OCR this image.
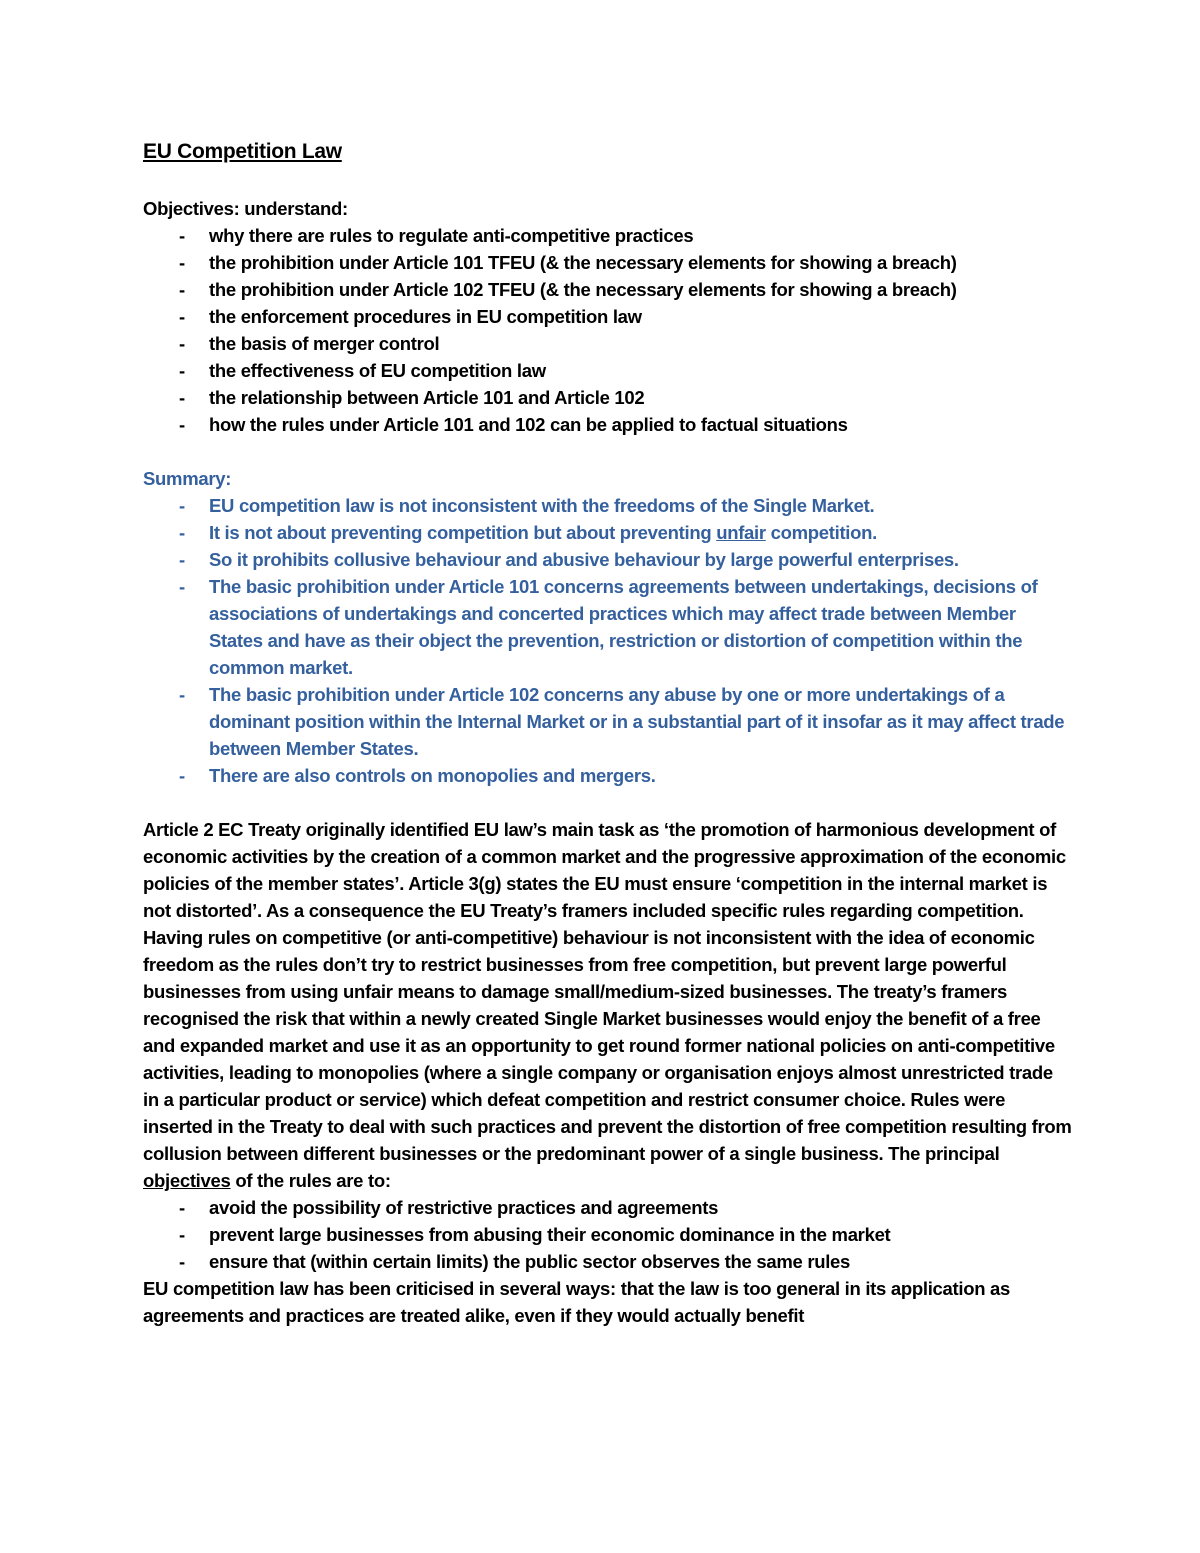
EU Competition Law

Objectives: understand:

- why there are rules to regulate anti-competitive practices
- the prohibition under Article 101 TFEU (& the necessary elements for showing a breach)
- the prohibition under Article 102 TFEU (& the necessary elements for showing a breach)
- the enforcement procedures in EU competition law
- the basis of merger control
- the effectiveness of EU competition law
- the relationship between Article 101 and Article 102
- how the rules under Article 101 and 102 can be applied to factual situations

Summary:

- EU competition law is not inconsistent with the freedoms of the Single Market.
- It is not about preventing competition but about preventing unfair competition.
- So it prohibits collusive behaviour and abusive behaviour by large powerful enterprises.
- The basic prohibition under Article 101 concerns agreements between undertakings, decisions of associations of undertakings and concerted practices which may affect trade between Member States and have as their object the prevention, restriction or distortion of competition within the common market.
- The basic prohibition under Article 102 concerns any abuse by one or more undertakings of a dominant position within the Internal Market or in a substantial part of it insofar as it may affect trade between Member States.
- There are also controls on monopolies and mergers.

Article 2 EC Treaty originally identified EU law’s main task as ‘the promotion of harmonious development of economic activities by the creation of a common market and the progressive approximation of the economic policies of the member states’. Article 3(g) states the EU must ensure ‘competition in the internal market is not distorted’. As a consequence the EU Treaty’s framers included specific rules regarding competition. Having rules on competitive (or anti-competitive) behaviour is not inconsistent with the idea of economic freedom as the rules don’t try to restrict businesses from free competition, but prevent large powerful businesses from using unfair means to damage small/medium-sized businesses. The treaty’s framers recognised the risk that within a newly created Single Market businesses would enjoy the benefit of a free and expanded market and use it as an opportunity to get round former national policies on anti-competitive activities, leading to monopolies (where a single company or organisation enjoys almost unrestricted trade in a particular product or service) which defeat competition and restrict consumer choice. Rules were inserted in the Treaty to deal with such practices and prevent the distortion of free competition resulting from collusion between different businesses or the predominant power of a single business. The principal objectives of the rules are to:

- avoid the possibility of restrictive practices and agreements
- prevent large businesses from abusing their economic dominance in the market
- ensure that (within certain limits) the public sector observes the same rules

EU competition law has been criticised in several ways: that the law is too general in its application as agreements and practices are treated alike, even if they would actually benefit
